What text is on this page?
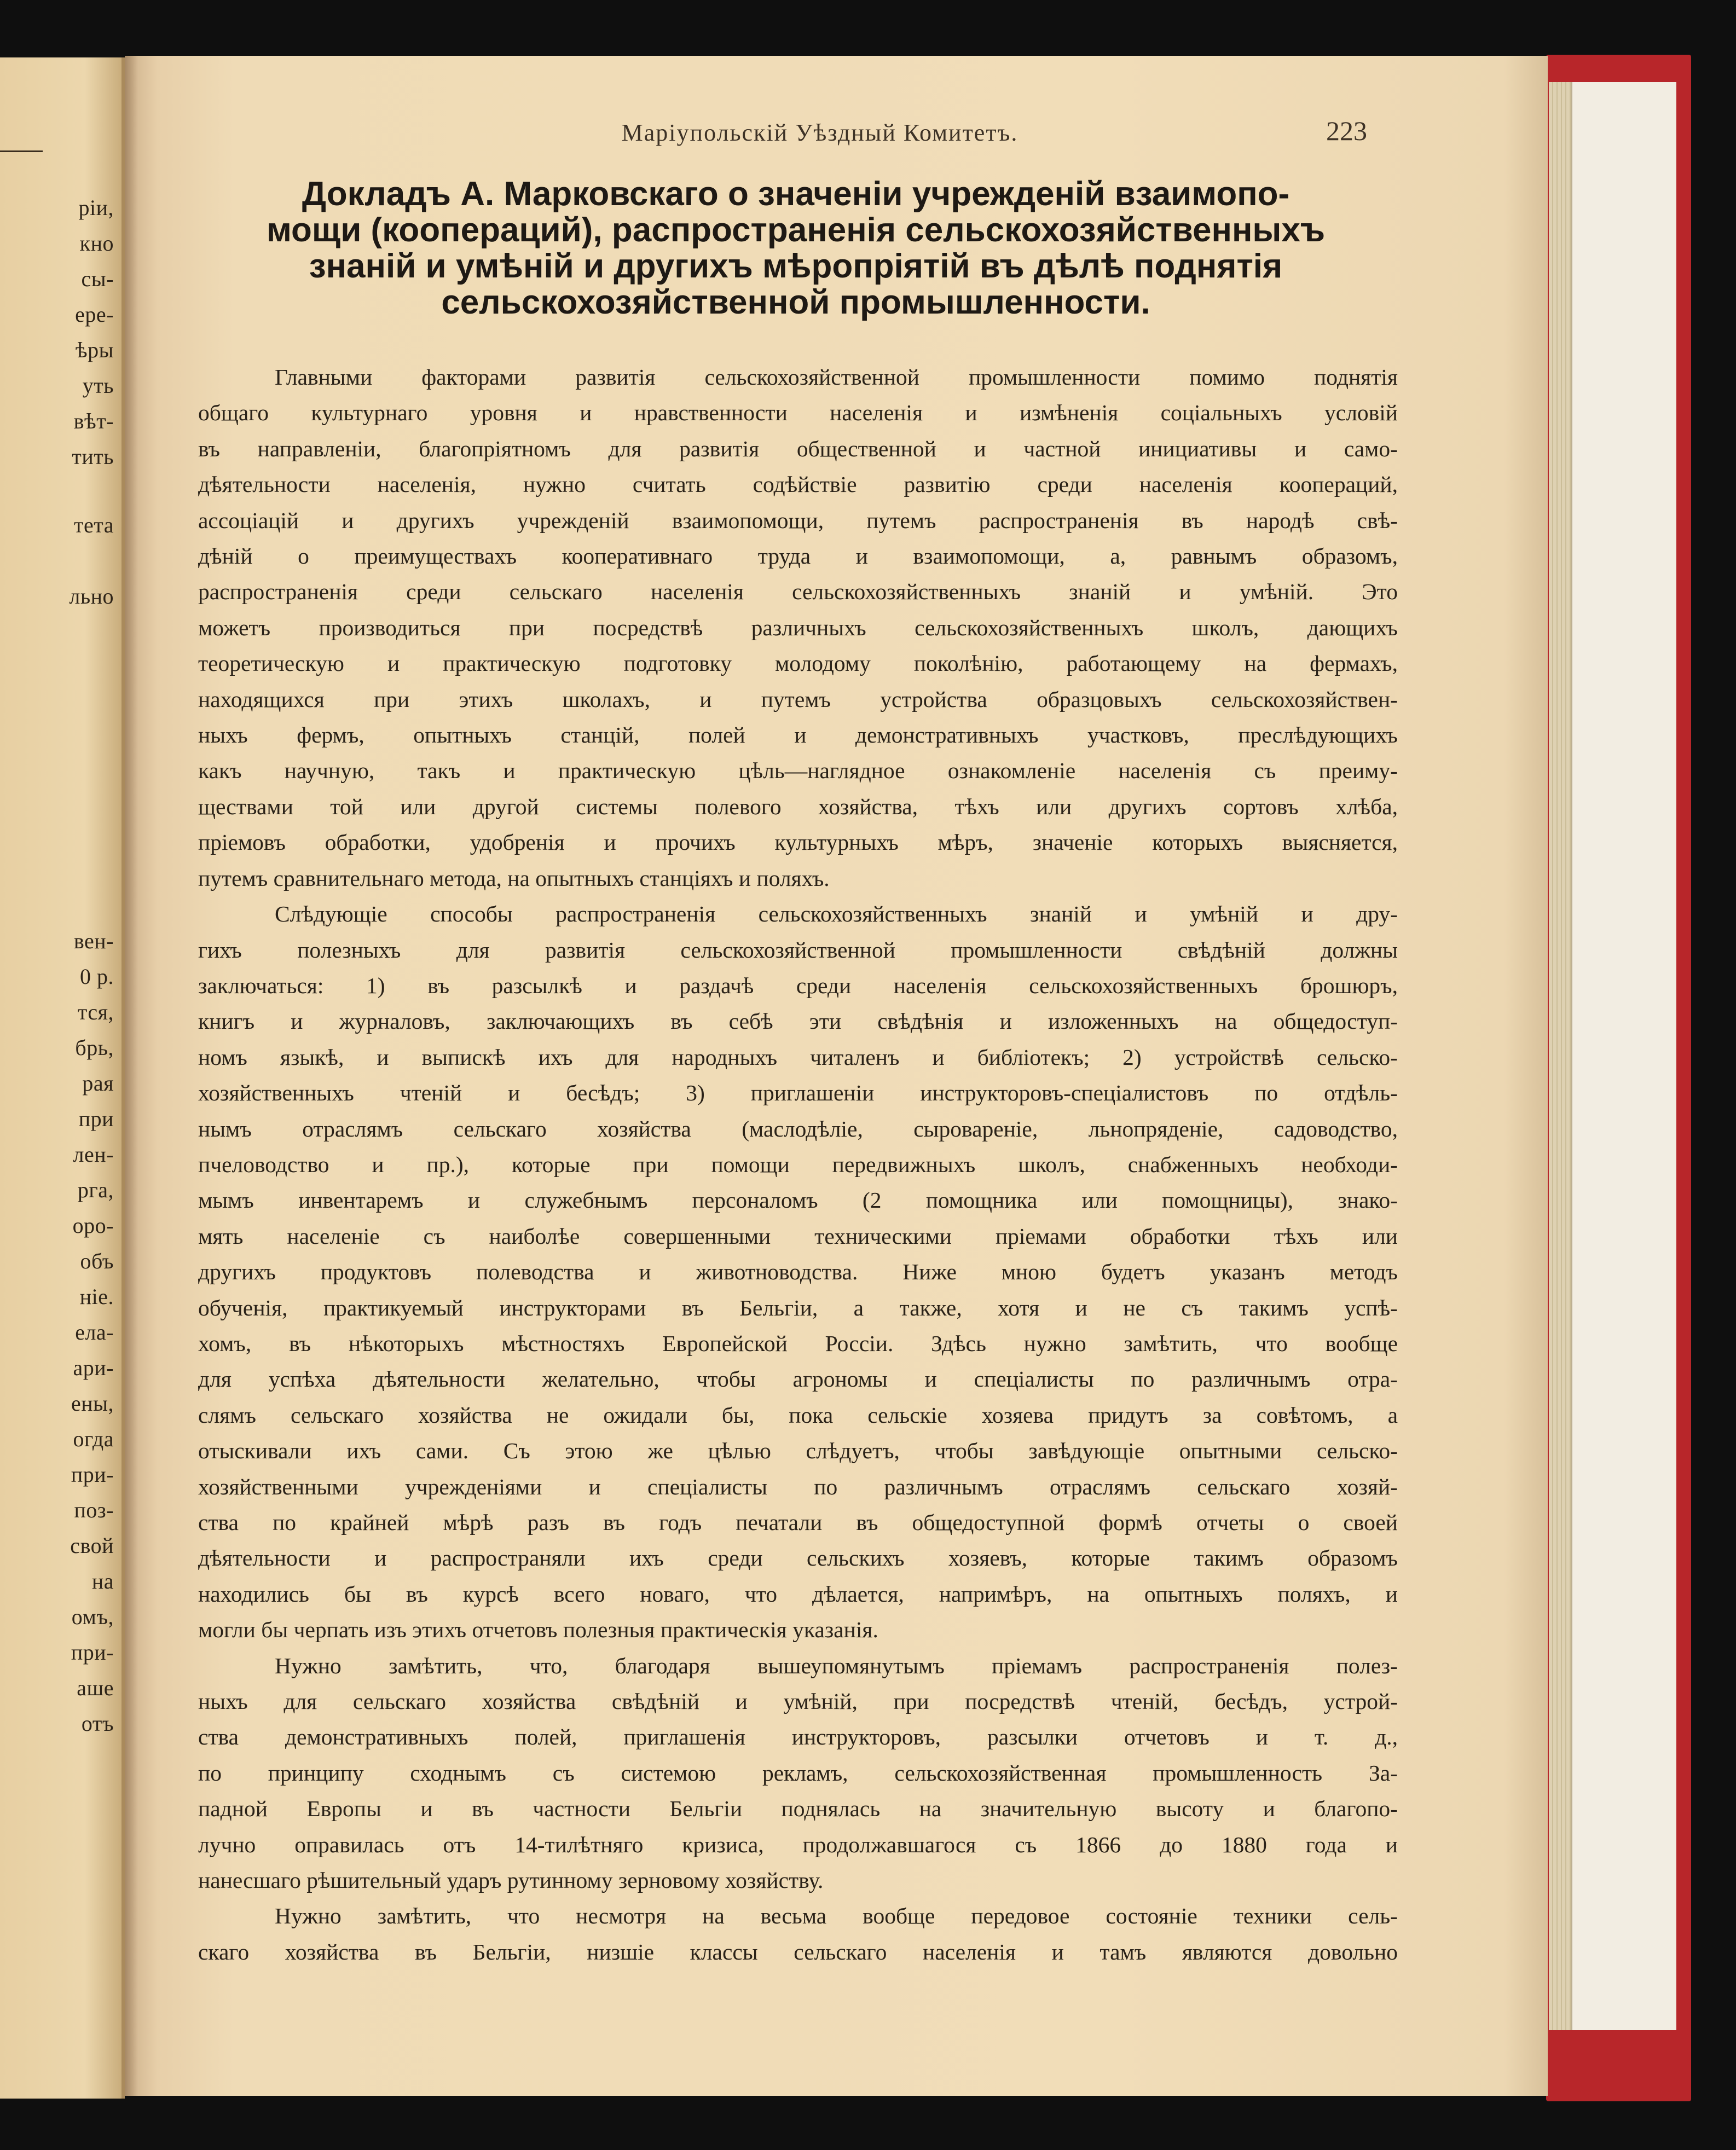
рiи,

кно

сы-

ере-

ѣры

уть

вѣт-

тить

тета

льно

вен-

0 р.

тся,

брь,

рая

при

лен-

рга,

оро-

объ

нie.

ела-

ари-

ены,

огда

при-

поз-

свой

на

омъ,

при-

аше

отъ

Маріупольскій Уѣздный Комитетъ.	223

Докладъ А. Марковскаго о значеніи учрежденій взаимопо-
мощи (коопераций), распространенія сельскохозяйственныхъ
знаній и умѣній и другихъ мѣропріятій въ дѣлѣ поднятія
сельскохозяйственной промышленности.
Главными факторами развитія сельскохозяйственной промышленности помимо поднятія
общаго культурнаго уровня и нравственности населенія и измѣненія соціальныхъ условій
въ направленіи, благопріятномъ для развитія общественной и частной инициативы и само-
дѣятельности населенія, нужно считать содѣйствіе развитію среди населенія коопераций,
ассоціацій и другихъ учрежденій взаимопомощи, путемъ распространенія въ народѣ свѣ-
дѣній о преимуществахъ кооперативнаго труда и взаимопомощи, а, равнымъ образомъ,
распространенія среди сельскаго населенія сельскохозяйственныхъ знаній и умѣній. Это
можетъ производиться при посредствѣ различныхъ сельскохозяйственныхъ школъ, дающихъ
теоретическую и практическую подготовку молодому поколѣнію, работающему на фермахъ,
находящихся при этихъ школахъ, и путемъ устройства образцовыхъ сельскохозяйствен-
ныхъ фермъ, опытныхъ станцій, полей и демонстративныхъ участковъ, преслѣдующихъ
какъ научную, такъ и практическую цѣль—наглядное ознакомленіе населенія съ преиму-
ществами той или другой системы полевого хозяйства, тѣхъ или другихъ сортовъ хлѣба,
пріемовъ обработки, удобренія и прочихъ культурныхъ мѣръ, значеніе которыхъ выясняется,
путемъ сравнительнаго метода, на опытныхъ станціяхъ и поляхъ.
Слѣдующіе способы распространенія сельскохозяйственныхъ знаній и умѣній и дру-
гихъ полезныхъ для развитія сельскохозяйственной промышленности свѣдѣній должны
заключаться: 1) въ разсылкѣ и раздачѣ среди населенія сельскохозяйственныхъ брошюръ,
книгъ и журналовъ, заключающихъ въ себѣ эти свѣдѣнія и изложенныхъ на общедоступ-
номъ языкѣ, и выпискѣ ихъ для народныхъ читаленъ и библіотекъ; 2) устройствѣ сельско-
хозяйственныхъ чтеній и бесѣдъ; 3) приглашеніи инструкторовъ-спеціалистовъ по отдѣль-
нымъ отраслямъ сельскаго хозяйства (маслодѣліе, сыровареніе, льнопряденіе, садоводство,
пчеловодство и пр.), которые при помощи передвижныхъ школъ, снабженныхъ необходи-
мымъ инвентаремъ и служебнымъ персоналомъ (2 помощника или помощницы), знако-
мять населеніе съ наиболѣе совершенными техническими пріемами обработки тѣхъ или
другихъ продуктовъ полеводства и животноводства. Ниже мною будетъ указанъ методъ
обученія, практикуемый инструкторами въ Бельгіи, а также, хотя и не съ такимъ успѣ-
хомъ, въ нѣкоторыхъ мѣстностяхъ Европейской Россіи. Здѣсь нужно замѣтить, что вообще
для успѣха дѣятельности желательно, чтобы агрономы и спеціалисты по различнымъ отра-
слямъ сельскаго хозяйства не ожидали бы, пока сельскіе хозяева придутъ за совѣтомъ, а
отыскивали ихъ сами. Съ этою же цѣлью слѣдуетъ, чтобы завѣдующіе опытными сельско-
хозяйственными учрежденіями и спеціалисты по различнымъ отраслямъ сельскаго хозяй-
ства по крайней мѣрѣ разъ въ годъ печатали въ общедоступной формѣ отчеты о своей
дѣятельности и распространяли ихъ среди сельскихъ хозяевъ, которые такимъ образомъ
находились бы въ курсѣ всего новаго, что дѣлается, напримѣръ, на опытныхъ поляхъ, и
могли бы черпать изъ этихъ отчетовъ полезныя практическія указанія.
Нужно замѣтить, что, благодаря вышеупомянутымъ пріемамъ распространенія полез-
ныхъ для сельскаго хозяйства свѣдѣній и умѣній, при посредствѣ чтеній, бесѣдъ, устрой-
ства демонстративныхъ полей, приглашенія инструкторовъ, разсылки отчетовъ и т. д.,
по принципу сходнымъ съ системою рекламъ, сельскохозяйственная промышленность За-
падной Европы и въ частности Бельгіи поднялась на значительную высоту и благопо-
лучно оправилась отъ 14-тилѣтняго кризиса, продолжавшагося съ 1866 до 1880 года и
нанесшаго рѣшительный ударъ рутинному зерновому хозяйству.
Нужно замѣтить, что несмотря на весьма вообще передовое состояніе техники сель-
скаго хозяйства въ Бельгіи, низшіе классы сельскаго населенія и тамъ являются довольно
